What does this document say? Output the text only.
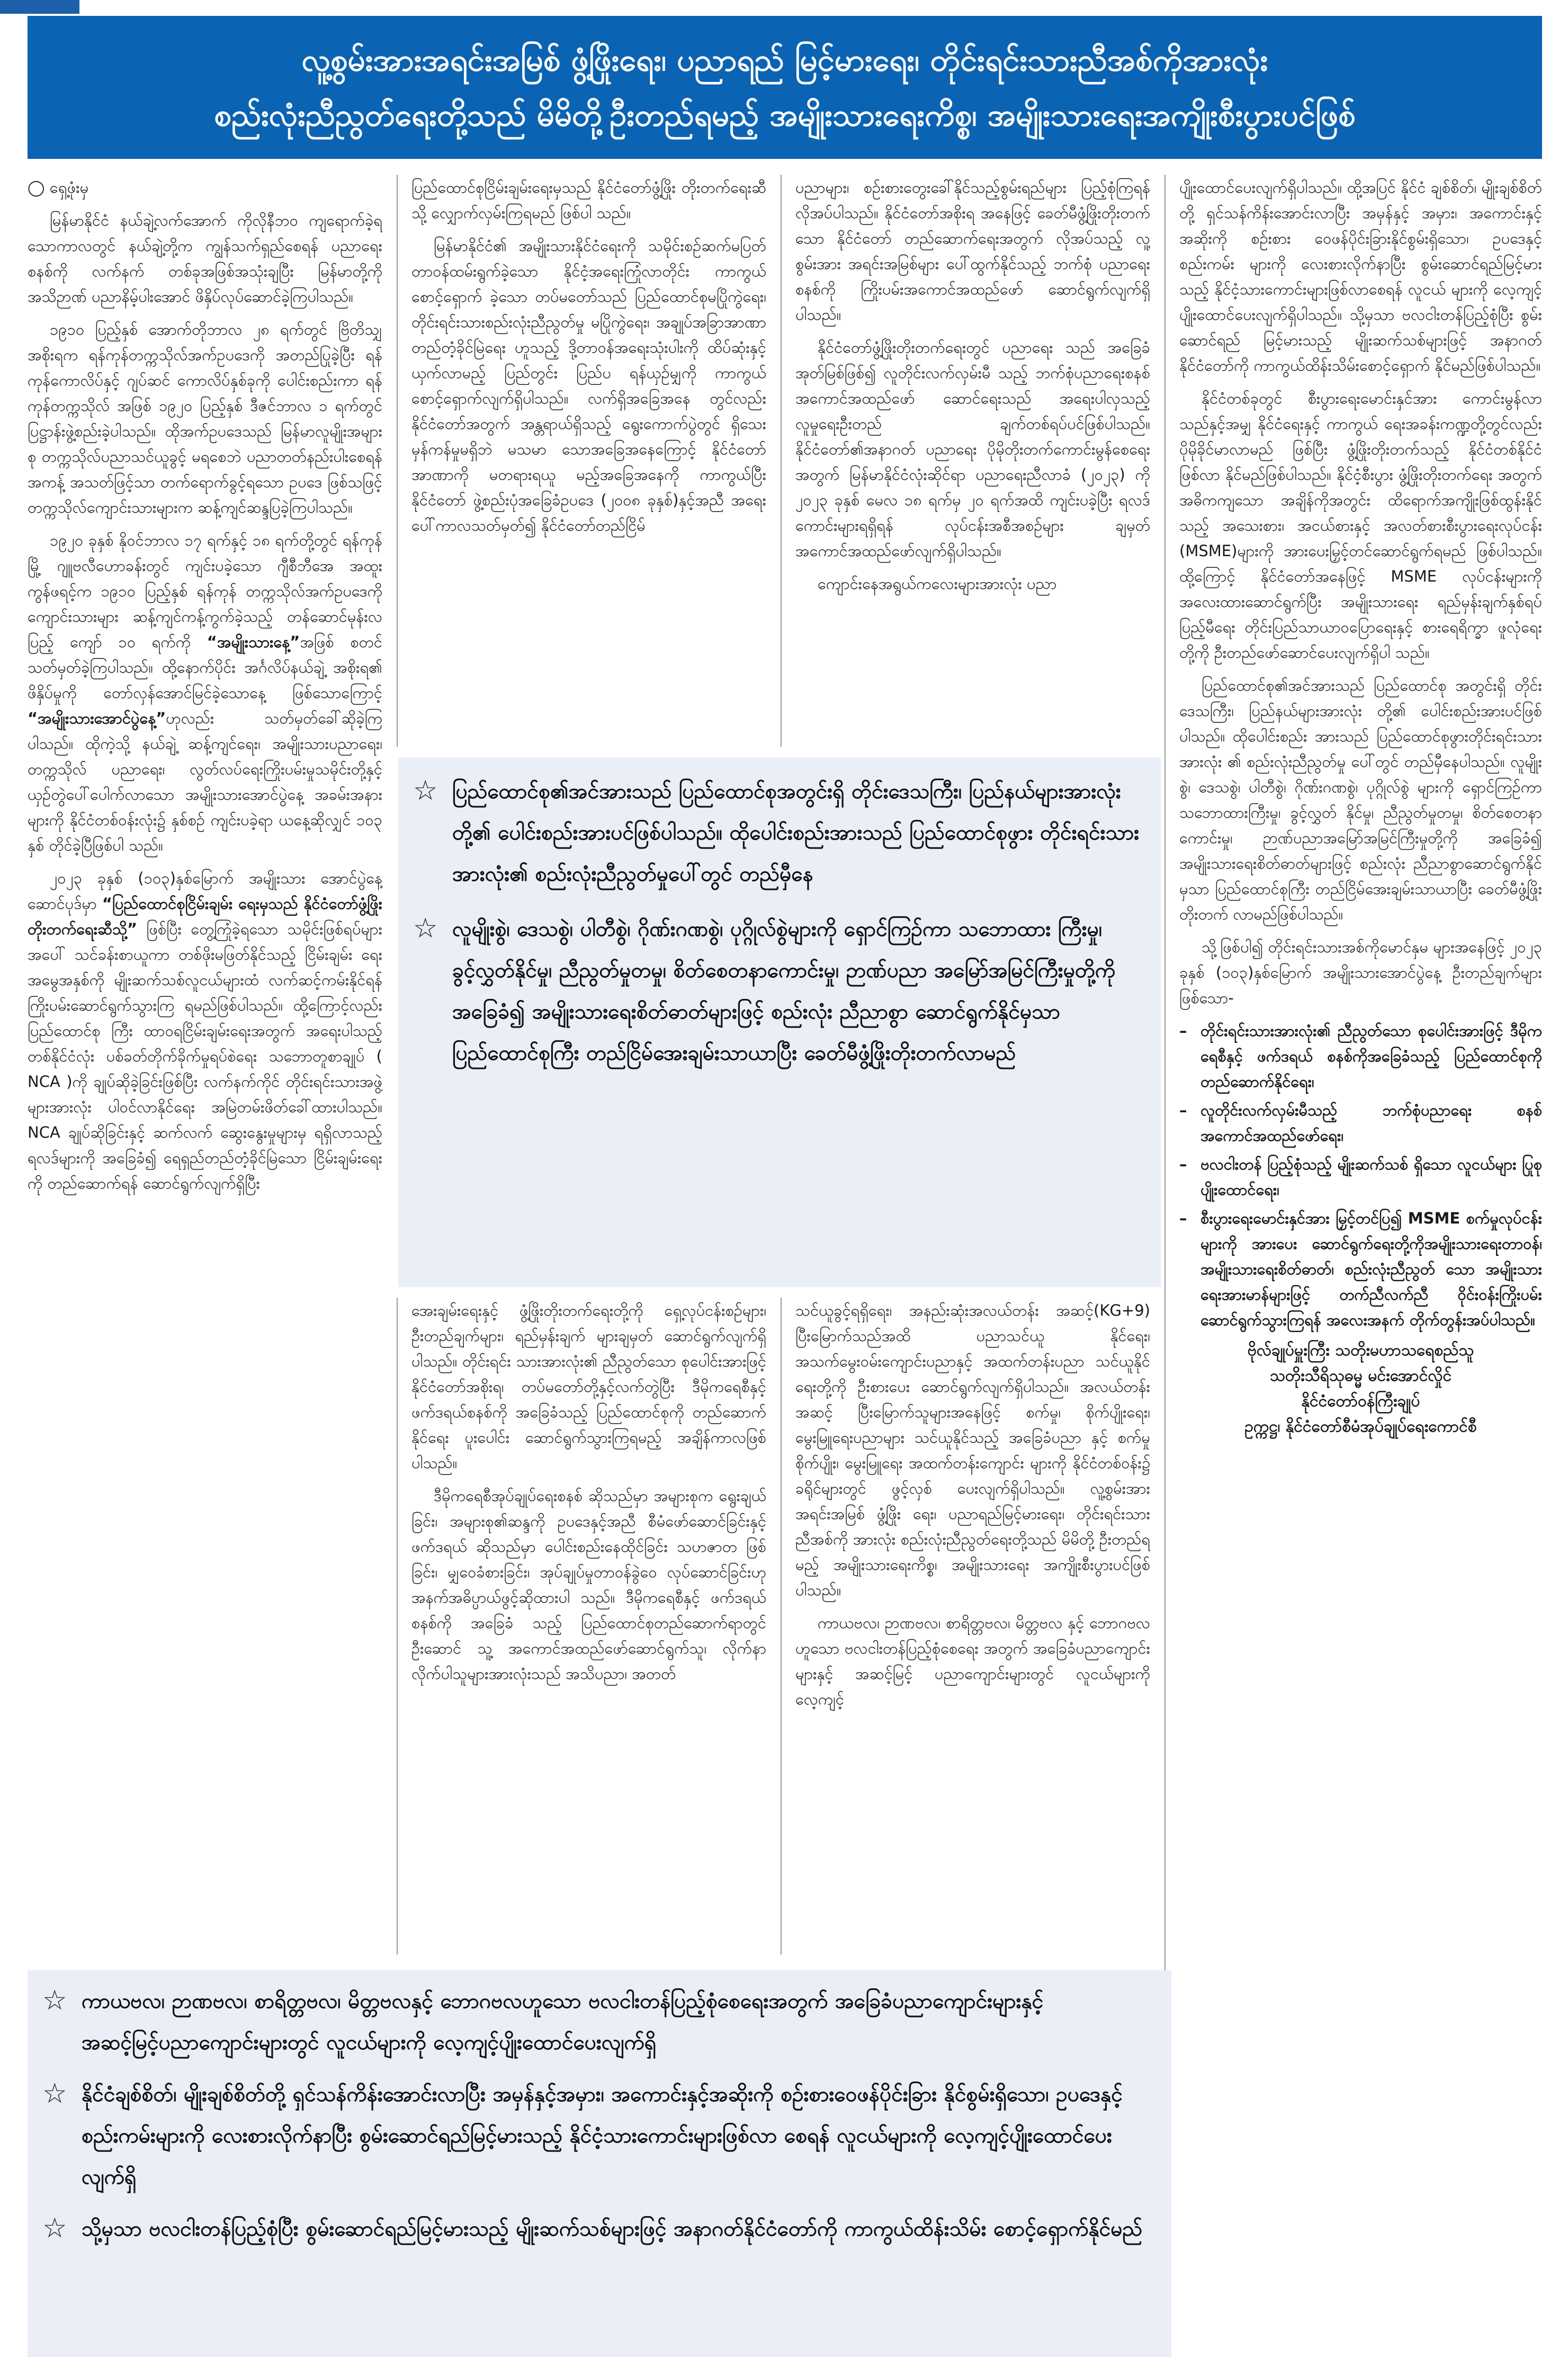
လူ့စွမ်းအားအရင်းအမြစ် ဖွံ့ဖြိုးရေး၊ ပညာရည် မြင့်မားရေး၊ တိုင်းရင်းသားညီအစ်ကိုအားလုံး
စည်းလုံးညီညွတ်ရေးတို့သည် မိမိတို့ဦးတည်ရမည့် အမျိုးသားရေးကိစ္စ၊ အမျိုးသားရေးအကျိုးစီးပွားပင်ဖြစ်

◯ ရှေ့ဖုံးမှ

မြန်မာနိုင်ငံ နယ်ချဲ့လက်အောက် ကိုလိုနီဘဝ ကျရောက်ခဲ့ရသောကာလတွင် နယ်ချဲ့တို့က ကျွန်သက်ရှည်စေရန် ပညာရေးစနစ်ကို လက်နက် တစ်ခုအဖြစ်အသုံးချပြီး မြန်မာတို့ကို အသိဉာဏ် ပညာနိမ့်ပါးအောင် ဖိနှိပ်လုပ်ဆောင်ခဲ့ကြပါသည်။

၁၉၁၀ ပြည့်နှစ် အောက်တိုဘာလ ၂၈ ရက်တွင် ဗြိတိသျှအစိုးရက ရန်ကုန်တက္ကသိုလ်အက်ဥပဒေကို အတည်ပြုခဲ့ပြီး ရန်ကုန်ကောလိပ်နှင့် ဂျပ်ဆင် ကောလိပ်နှစ်ခုကို ပေါင်းစည်းကာ ရန်ကုန်တက္ကသိုလ် အဖြစ် ၁၉၂၀ ပြည့်နှစ် ဒီဇင်ဘာလ ၁ ရက်တွင် ပြဋ္ဌာန်းဖွဲ့စည်းခဲ့ပါသည်။ ထိုအက်ဥပဒေသည် မြန်မာလူမျိုးအများစု တက္ကသိုလ်ပညာသင်ယူခွင့် မရစေဘဲ ပညာတတ်နည်းပါးစေရန် အကန့် အသတ်ဖြင့်သာ တက်ရောက်ခွင့်ရသော ဥပဒေ ဖြစ်သဖြင့် တက္ကသိုလ်ကျောင်းသားများက ဆန့်ကျင်ဆန္ဒပြခဲ့ကြပါသည်။

၁၉၂၀ ခုနှစ် နိုဝင်ဘာလ ၁၇ ရက်နှင့် ၁၈ ရက်တို့တွင် ရန်ကုန်မြို့ ဂျူဗလီဟောခန်းတွင် ကျင်းပခဲ့သော ဂျီစီဘီအေ အထူးကွန်ဖရင့်က ၁၉၁၀ ပြည့်နှစ် ရန်ကုန် တက္ကသိုလ်အက်ဥပဒေကို ကျောင်းသားများ ဆန့်ကျင်ကန့်ကွက်ခဲ့သည့် တန်ဆောင်မုန်းလပြည့် ကျော် ၁၀ ရက်ကို “အမျိုးသားနေ့”အဖြစ် စတင် သတ်မှတ်ခဲ့ကြပါသည်။ ထို့နောက်ပိုင်း အင်္ဂလိပ်နယ်ချဲ့ အစိုးရ၏ ဖိနှိပ်မှုကို တော်လှန်အောင်မြင်ခဲ့သောနေ့ ဖြစ်သောကြောင့် “အမျိုးသားအောင်ပွဲနေ့”ဟုလည်း သတ်မှတ်ခေါ်ဆိုခဲ့ကြပါသည်။ ထိုကဲ့သို့ နယ်ချဲ့ ဆန့်ကျင်ရေး၊ အမျိုးသားပညာရေး၊ တက္ကသိုလ် ပညာရေး၊ လွတ်လပ်ရေးကြိုးပမ်းမှုသမိုင်းတို့နှင့် ယှဉ်တွဲပေါ်ပေါက်လာသော အမျိုးသားအောင်ပွဲနေ့ အခမ်းအနားများကို နိုင်ငံတစ်ဝန်းလုံး၌ နှစ်စဉ် ကျင်းပခဲ့ရာ ယနေ့ဆိုလျှင် ၁၀၃ နှစ် တိုင်ခဲ့ပြီဖြစ်ပါ သည်။

၂၀၂၃ ခုနှစ် (၁၀၃)နှစ်မြောက် အမျိုးသား အောင်ပွဲနေ့ဆောင်ပုဒ်မှာ “ပြည်ထောင်စုငြိမ်းချမ်း ရေးမှသည် နိုင်ငံတော်ဖွံ့ဖြိုးတိုးတက်ရေးဆီသို့” ဖြစ်ပြီး တွေ့ကြုံခဲ့ရသော သမိုင်းဖြစ်ရပ်များအပေါ် သင်ခန်းစာယူကာ တစ်ဖိုးမဖြတ်နိုင်သည့် ငြိမ်းချမ်း ရေးအမွေအနှစ်ကို မျိုးဆက်သစ်လူငယ်များထံ လက်ဆင့်ကမ်းနိုင်ရန် ကြိုးပမ်းဆောင်ရွက်သွားကြ ရမည်ဖြစ်ပါသည်။ ထို့ကြောင့်လည်း ပြည်ထောင်စု ကြီး ထာဝရငြိမ်းချမ်းရေးအတွက် အရေးပါသည့် တစ်နိုင်ငံလုံး ပစ်ခတ်တိုက်ခိုက်မှုရပ်စဲရေး သဘောတူစာချုပ် ( NCA )ကို ချုပ်ဆိုခဲ့ခြင်းဖြစ်ပြီး လက်နက်ကိုင် တိုင်းရင်းသားအဖွဲ့များအားလုံး ပါဝင်လာနိုင်ရေး အမြဲတမ်းဖိတ်ခေါ်ထားပါသည်။ NCA ချုပ်ဆိုခြင်းနှင့် ဆက်လက် ဆွေးနွေးမှုများမှ ရရှိလာသည့်ရလဒ်များကို အခြေခံ၍ ရေရှည်တည်တံ့ခိုင်မြဲသော ငြိမ်းချမ်းရေးကို တည်ဆောက်ရန် ဆောင်ရွက်လျက်ရှိပြီး

ပြည်ထောင်စုငြိမ်းချမ်းရေးမှသည် နိုင်ငံတော်ဖွံ့ဖြိုး တိုးတက်ရေးဆီသို့ လျှောက်လှမ်းကြရမည် ဖြစ်ပါ သည်။

မြန်မာနိုင်ငံ၏ အမျိုးသားနိုင်ငံရေးကို သမိုင်းစဉ်ဆက်မပြတ် တာဝန်ထမ်းရွက်ခဲ့သော နိုင်ငံ့အရေးကြုံလာတိုင်း ကာကွယ်စောင့်ရှောက် ခဲ့သော တပ်မတော်သည် ပြည်ထောင်စုမပြိုကွဲရေး၊ တိုင်းရင်းသားစည်းလုံးညီညွတ်မှု မပြိုကွဲရေး၊ အချုပ်အခြာအာဏာတည်တံ့ခိုင်မြဲရေး ဟူသည့် ဒို့တာဝန်အရေးသုံးပါးကို ထိပ်ဆုံးနှင့်ယှက်လာမည့် ပြည်တွင်း ပြည်ပ ရန်ယှဉ်မျှကို ကာကွယ် စောင့်ရှောက်လျက်ရှိပါသည်။ လက်ရှိအခြေအနေ တွင်လည်း နိုင်ငံတော်အတွက် အန္တရာယ်ရှိသည့် ရွေးကောက်ပွဲတွင် ရှိသေးမှန်ကန်မှုမရှိဘဲ မသမာ သောအခြေအနေကြောင့် နိုင်ငံတော်အာဏာကို မတရားရယူ မည့်အခြေအနေကို ကာကွယ်ပြီး နိုင်ငံတော် ဖွဲ့စည်းပုံအခြေခံဥပဒေ (၂၀၀၈ ခုနှစ်)နှင့်အညီ အရေးပေါ်ကာလသတ်မှတ်၍ နိုင်ငံတော်တည်ငြိမ်

ပညာများ၊ စဉ်းစားတွေးခေါ်နိုင်သည့်စွမ်းရည်များ ပြည့်စုံကြရန် လိုအပ်ပါသည်။ နိုင်ငံတော်အစိုးရ အနေဖြင့် ခေတ်မီဖွံ့ဖြိုးတိုးတက်သော နိုင်ငံတော် တည်ဆောက်ရေးအတွက် လိုအပ်သည့် လူ့စွမ်းအား အရင်းအမြစ်များ ပေါ်ထွက်နိုင်သည့် ဘက်စုံ ပညာရေးစနစ်ကို ကြိုးပမ်းအကောင်အထည်ဖော် ဆောင်ရွက်လျက်ရှိပါသည်။

နိုင်ငံတော်ဖွံ့ဖြိုးတိုးတက်ရေးတွင် ပညာရေး သည် အခြေခံအုတ်မြစ်ဖြစ်၍ လူတိုင်းလက်လှမ်းမီ သည့် ဘက်စုံပညာရေးစနစ် အကောင်အထည်ဖော် ဆောင်ရေးသည် အရေးပါလှသည့် လူမှုရေးဦးတည် ချက်တစ်ရပ်ပင်ဖြစ်ပါသည်။ နိုင်ငံတော်၏အနာဂတ် ပညာရေး ပိုမိုတိုးတက်ကောင်းမွန်စေရေးအတွက် မြန်မာနိုင်ငံလုံးဆိုင်ရာ ပညာရေးညီလာခံ (၂၀၂၃) ကို ၂၀၂၃ ခုနှစ် မေလ ၁၈ ရက်မှ ၂၀ ရက်အထိ ကျင်းပခဲ့ပြီး ရလဒ်ကောင်းများရရှိရန် လုပ်ငန်းအစီအစဉ်များ ချမှတ် အကောင်အထည်ဖော်လျက်ရှိပါသည်။

ကျောင်းနေအရွယ်ကလေးများအားလုံး ပညာ

☆ ပြည်ထောင်စု၏အင်အားသည် ပြည်ထောင်စုအတွင်းရှိ တိုင်းဒေသကြီး၊ ပြည်နယ်များအားလုံးတို့၏ ပေါင်းစည်းအားပင်ဖြစ်ပါသည်။ ထိုပေါင်းစည်းအားသည် ပြည်ထောင်စုဖွား တိုင်းရင်းသားအားလုံး၏ စည်းလုံးညီညွတ်မှုပေါ်တွင် တည်မှီနေ
☆ လူမျိုးစွဲ၊ ဒေသစွဲ၊ ပါတီစွဲ၊ ဂိုဏ်းဂဏစွဲ၊ ပုဂ္ဂိုလ်စွဲများကို ရှောင်ကြဉ်ကာ သဘောထား ကြီးမှု၊ ခွင့်လွှတ်နိုင်မှု၊ ညီညွတ်မှုတမှု၊ စိတ်စေတနာကောင်းမှု၊ ဉာဏ်ပညာ အမြော်အမြင်ကြီးမှုတို့ကို အခြေခံ၍ အမျိုးသားရေးစိတ်ဓာတ်များဖြင့် စည်းလုံး ညီညာစွာ ဆောင်ရွက်နိုင်မှသာ ပြည်ထောင်စုကြီး တည်ငြိမ်အေးချမ်းသာယာပြီး ခေတ်မီဖွံ့ဖြိုးတိုးတက်လာမည်

အေးချမ်းရေးနှင့် ဖွံ့ဖြိုးတိုးတက်ရေးတို့ကို ရှေ့လုပ်ငန်းစဉ်များ၊ ဦးတည်ချက်များ၊ ရည်မှန်းချက် များချမှတ် ဆောင်ရွက်လျက်ရှိပါသည်။ တိုင်းရင်း သားအားလုံး၏ ညီညွတ်သော စုပေါင်းအားဖြင့် နိုင်ငံတော်အစိုးရ၊ တပ်မတော်တို့နှင့်လက်တွဲပြီး ဒီမိုကရေစီနှင့် ဖက်ဒရယ်စနစ်ကို အခြေခံသည့် ပြည်ထောင်စုကို တည်ဆောက်နိုင်ရေး ပူးပေါင်း ဆောင်ရွက်သွားကြရမည့် အချိန်ကာလဖြစ်ပါသည်။

ဒီမိုကရေစီအုပ်ချုပ်ရေးစနစ် ဆိုသည်မှာ အများစုက ရွေးချယ်ခြင်း၊ အများစု၏ဆန္ဒကို ဥပဒေနှင့်အညီ စီမံဖော်ဆောင်ခြင်းနှင့် ဖက်ဒရယ် ဆိုသည်မှာ ပေါင်းစည်းနေထိုင်ခြင်း သဟဇာတ ဖြစ်ခြင်း၊ မျှဝေခံစားခြင်း၊ အုပ်ချုပ်မှုတာဝန်ခွဲဝေ လုပ်ဆောင်ခြင်းဟု အနက်အဓိပ္ပာယ်ဖွင့်ဆိုထားပါ သည်။ ဒီမိုကရေစီနှင့် ဖက်ဒရယ်စနစ်ကို အခြေခံ သည့် ပြည်ထောင်စုတည်ဆောက်ရာတွင် ဦးဆောင် သူ့ အကောင်အထည်ဖော်ဆောင်ရွက်သူ၊ လိုက်နာ လိုက်ပါသူများအားလုံးသည် အသိပညာ၊ အတတ်

သင်ယူခွင့်ရရှိရေး၊ အနည်းဆုံးအလယ်တန်း အဆင့်(KG+9) ပြီးမြောက်သည်အထိ ပညာသင်ယူ နိုင်ရေး၊ အသက်မွေးဝမ်းကျောင်းပညာနှင့် အထက်တန်းပညာ သင်ယူနိုင်ရေးတို့ကို ဦးစားပေး ဆောင်ရွက်လျက်ရှိပါသည်။ အလယ်တန်းအဆင့် ပြီးမြောက်သူများအနေဖြင့် စက်မှု၊ စိုက်ပျိုးရေး၊ မွေးမြူရေးပညာများ သင်ယူနိုင်သည့် အခြေခံပညာ နှင့် စက်မှုစိုက်ပျိုး၊ မွေးမြူရေး အထက်တန်းကျောင်း များကို နိုင်ငံတစ်ဝန်း၌ ခရိုင်များတွင် ဖွင့်လှစ် ပေးလျက်ရှိပါသည်။ လူ့စွမ်းအားအရင်းအမြစ် ဖွံ့ဖြိုး ရေး၊ ပညာရည်မြင့်မားရေး၊ တိုင်းရင်းသားညီအစ်ကို အားလုံး စည်းလုံးညီညွတ်ရေးတို့သည် မိမိတို့ ဦးတည်ရမည့် အမျိုးသားရေးကိစ္စ၊ အမျိုးသားရေး အကျိုးစီးပွားပင်ဖြစ်ပါသည်။

ကာယဗလ၊ ဉာဏဗလ၊ စာရိတ္တဗလ၊ မိတ္တဗလ နှင့် ဘောဂဗလဟူသော ဗလငါးတန်ပြည့်စုံစေရေး အတွက် အခြေခံပညာကျောင်းများနှင့် အဆင့်မြင့် ပညာကျောင်းများတွင် လူငယ်များကို လေ့ကျင့်

ပျိုးထောင်ပေးလျက်ရှိပါသည်။ ထို့အပြင် နိုင်ငံ ချစ်စိတ်၊ မျိုးချစ်စိတ်တို့ ရှင်သန်ကိန်းအောင်းလာပြီး အမှန်နှင့် အမှား၊ အကောင်းနှင့် အဆိုးကို စဉ်းစား ဝေဖန်ပိုင်းခြားနိုင်စွမ်းရှိသော၊ ဥပဒေနှင့် စည်းကမ်း များကို လေးစားလိုက်နာပြီး စွမ်းဆောင်ရည်မြင့်မား သည့် နိုင်ငံ့သားကောင်းများဖြစ်လာစေရန် လူငယ် များကို လေ့ကျင့်ပျိုးထောင်ပေးလျက်ရှိပါသည်။ သို့မှသာ ဗလငါးတန်ပြည့်စုံပြီး စွမ်းဆောင်ရည် မြင့်မားသည့် မျိုးဆက်သစ်များဖြင့် အနာဂတ် နိုင်ငံတော်ကို ကာကွယ်ထိန်းသိမ်းစောင့်ရှောက် နိုင်မည်ဖြစ်ပါသည်။

နိုင်ငံတစ်ခုတွင် စီးပွားရေးမောင်းနှင်အား ကောင်းမွန်လာသည်နှင့်အမျှ နိုင်ငံရေးနှင့် ကာကွယ် ရေးအခန်းကဏ္ဍတို့တွင်လည်း ပိုမိုခိုင်မာလာမည် ဖြစ်ပြီး ဖွံ့ဖြိုးတိုးတက်သည့် နိုင်ငံတစ်နိုင်ငံ ဖြစ်လာ နိုင်မည်ဖြစ်ပါသည်။ နိုင်ငံ့စီးပွား ဖွံ့ဖြိုးတိုးတက်ရေး အတွက် အဓိကကျသော အချိန်ကိုအတွင်း ထိရောက်အကျိုးဖြစ်ထွန်းနိုင်သည့် အသေးစား၊ အငယ်စားနှင့် အလတ်စားစီးပွားရေးလုပ်ငန်း (MSME)များကို အားပေးမြှင့်တင်ဆောင်ရွက်ရမည် ဖြစ်ပါသည်။ ထို့ကြောင့် နိုင်ငံတော်အနေဖြင့် MSME လုပ်ငန်းများကို အလေးထားဆောင်ရွက်ပြီး အမျိုးသားရေး ရည်မှန်းချက်နှစ်ရပ်ပြည့်မီရေး တိုင်းပြည်သာယာဝပြောရေးနှင့် စားရေရိက္ခာ ဖူလုံရေးတို့ကို ဦးတည်ဖော်ဆောင်ပေးလျက်ရှိပါ သည်။

ပြည်ထောင်စု၏အင်အားသည် ပြည်ထောင်စု အတွင်းရှိ တိုင်းဒေသကြီး၊ ပြည်နယ်များအားလုံး တို့၏ ပေါင်းစည်းအားပင်ဖြစ်ပါသည်။ ထိုပေါင်းစည်း အားသည် ပြည်ထောင်စုဖွားတိုင်းရင်းသားအားလုံး ၏ စည်းလုံးညီညွတ်မှု ပေါ်တွင် တည်မှီနေပါသည်။ လူမျိုးစွဲ၊ ဒေသစွဲ၊ ပါတီစွဲ၊ ဂိုဏ်းဂဏစွဲ၊ ပုဂ္ဂိုလ်စွဲ များကို ရှောင်ကြဉ်ကာ သဘောထားကြီးမှု၊ ခွင့်လွှတ် နိုင်မှု၊ ညီညွတ်မှုတမှု၊ စိတ်စေတနာကောင်းမှု၊ ဉာဏ်ပညာအမြော်အမြင်ကြီးမှုတို့ကို အခြေခံ၍ အမျိုးသားရေးစိတ်ဓာတ်များဖြင့် စည်းလုံး ညီညာစွာဆောင်ရွက်နိုင်မှသာ ပြည်ထောင်စုကြီး တည်ငြိမ်အေးချမ်းသာယာပြီး ခေတ်မီဖွံ့ဖြိုးတိုးတက် လာမည်ဖြစ်ပါသည်။

သို့ဖြစ်ပါ၍ တိုင်းရင်းသားအစ်ကိုမောင်နှမ များအနေဖြင့် ၂၀၂၃ ခုနှစ် (၁၀၃)နှစ်မြောက် အမျိုးသားအောင်ပွဲနေ့ ဦးတည်ချက်များဖြစ်သော-

– တိုင်းရင်းသားအားလုံး၏ ညီညွတ်သော စုပေါင်းအားဖြင့် ဒီမိုကရေစီနှင့် ဖက်ဒရယ် စနစ်ကိုအခြေခံသည့် ပြည်ထောင်စုကို တည်ဆောက်နိုင်ရေး၊
– လူတိုင်းလက်လှမ်းမီသည့် ဘက်စုံပညာရေး စနစ် အကောင်အထည်ဖော်ရေး၊
– ဗလငါးတန် ပြည့်စုံသည့် မျိုးဆက်သစ် ရှိသော လူငယ်များ ပြုစုပျိုးထောင်ရေး၊
– စီးပွားရေးမောင်းနှင်အား မြှင့်တင်ပြ၍ MSME စက်မှုလုပ်ငန်းများကို အားပေး ဆောင်ရွက်ရေးတို့ကိုအမျိုးသားရေးတာဝန်၊ အမျိုးသားရေးစိတ်ဓာတ်၊ စည်းလုံးညီညွတ် သော အမျိုးသားရေးအားမာန်များဖြင့် တက်ညီလက်ညီ ဝိုင်းဝန်းကြိုးပမ်း ဆောင်ရွက်သွားကြရန် အလေးအနက် တိုက်တွန်းအပ်ပါသည်။
ဗိုလ်ချုပ်မှူးကြီး သတိုးမဟာသရေစည်သူ
သတိုးသီရိသုဓမ္မ မင်းအောင်လှိုင်
နိုင်ငံတော်ဝန်ကြီးချုပ်
ဥက္ကဋ္ဌ၊ နိုင်ငံတော်စီမံအုပ်ချုပ်ရေးကောင်စီ
☆ ကာယဗလ၊ ဉာဏဗလ၊ စာရိတ္တဗလ၊ မိတ္တဗလနှင့် ဘောဂဗလဟူသော ဗလငါးတန်ပြည့်စုံစေရေးအတွက် အခြေခံပညာကျောင်းများနှင့် အဆင့်မြင့်ပညာကျောင်းများတွင် လူငယ်များကို လေ့ကျင့်ပျိုးထောင်ပေးလျက်ရှိ
☆ နိုင်ငံချစ်စိတ်၊ မျိုးချစ်စိတ်တို့ ရှင်သန်ကိန်းအောင်းလာပြီး အမှန်နှင့်အမှား၊ အကောင်းနှင့်အဆိုးကို စဉ်းစားဝေဖန်ပိုင်းခြား နိုင်စွမ်းရှိသော၊ ဥပဒေနှင့်စည်းကမ်းများကို လေးစားလိုက်နာပြီး စွမ်းဆောင်ရည်မြင့်မားသည့် နိုင်ငံ့သားကောင်းများဖြစ်လာ စေရန် လူငယ်များကို လေ့ကျင့်ပျိုးထောင်ပေးလျက်ရှိ
☆ သို့မှသာ ဗလငါးတန်ပြည့်စုံပြီး စွမ်းဆောင်ရည်မြင့်မားသည့် မျိုးဆက်သစ်များဖြင့် အနာဂတ်နိုင်ငံတော်ကို ကာကွယ်ထိန်းသိမ်း စောင့်ရှောက်နိုင်မည်
